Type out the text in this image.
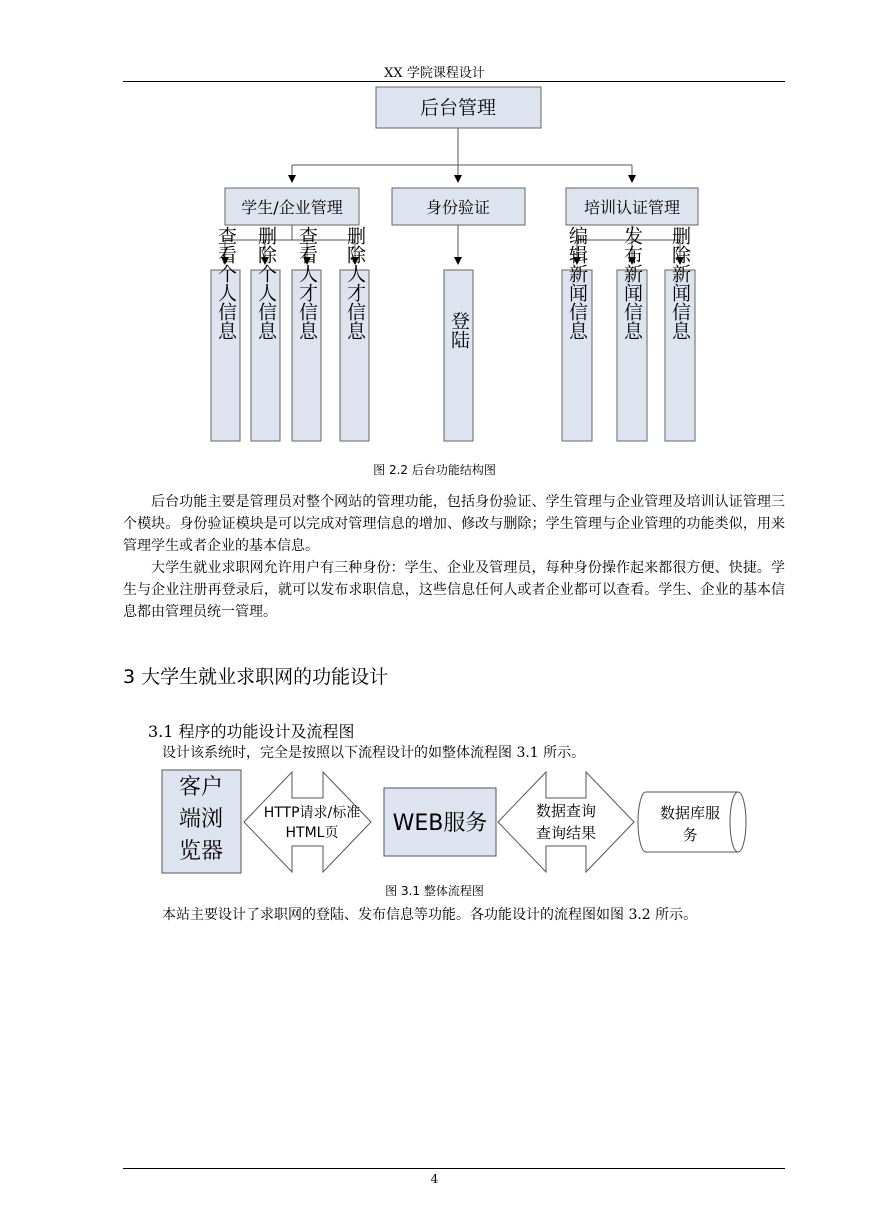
XX 学院课程设计
后台管理
学生/企业管理	身份验证	培训认证管理
查看个人信息 删除个人信息 查看人才信息 删除人才信息	登陆	编辑新闻信息 发布新闻信息 删除新闻信息
图 2.2 后台功能结构图

后台功能主要是管理员对整个网站的管理功能，包括身份验证、学生管理与企业管理及培训认证管理三个模块。身份验证模块是可以完成对管理信息的增加、修改与删除；学生管理与企业管理的功能类似，用来管理学生或者企业的基本信息。

大学生就业求职网允许用户有三种身份：学生、企业及管理员，每种身份操作起来都很方便、快捷。学生与企业注册再登录后，就可以发布求职信息，这些信息任何人或者企业都可以查看。学生、企业的基本信息都由管理员统一管理。

3 大学生就业求职网的功能设计
3.1 程序的功能设计及流程图
设计该系统时，完全是按照以下流程设计的如整体流程图 3.1 所示。
客户
端浏
览器
HTTP请求/标准
HTML页 WEB服务	数据查询
查询结果
数据库服
务
图 3.1 整体流程图
本站主要设计了求职网的登陆、发布信息等功能。各功能设计的流程图如图 3.2 所示。
4
